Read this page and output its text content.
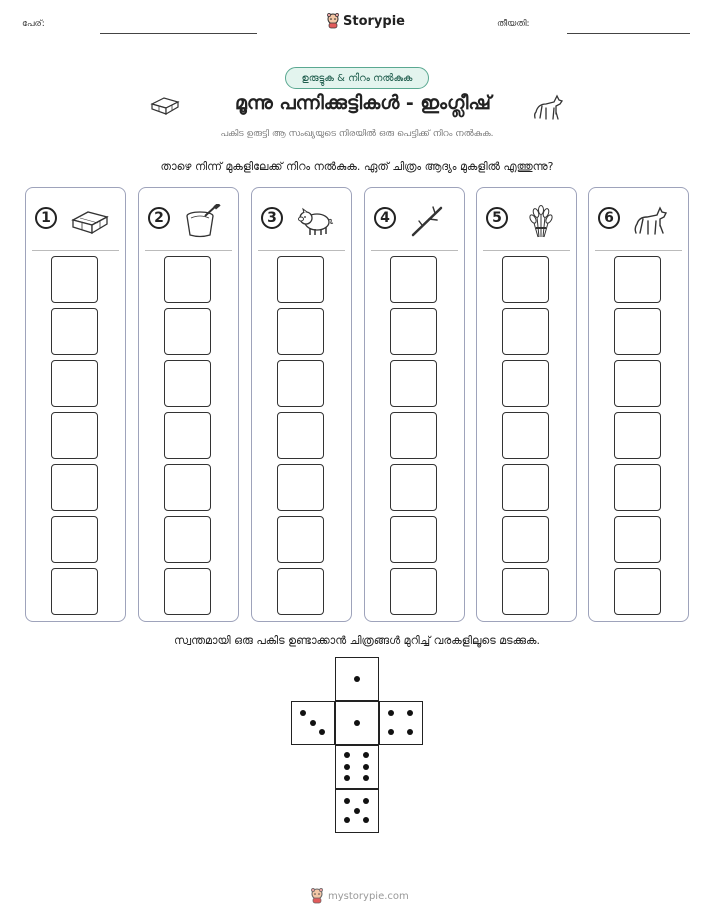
പേര്:	Storypie	തീയതി:
ഉരുട്ടുക & നിറം നൽകുക
മൂന്നു പന്നിക്കുട്ടികൾ - ഇംഗ്ലീഷ്
പകിട ഉരുട്ടി ആ സംഖ്യയുടെ നിരയിൽ ഒരു പെട്ടിക്ക് നിറം നൽകുക.
താഴെ നിന്ന് മുകളിലേക്ക് നിറം നൽകുക. ഏത് ചിത്രം ആദ്യം മുകളിൽ എത്തുന്നു?
1	2	3	4	5	6
സ്വന്തമായി ഒരു പകിട ഉണ്ടാക്കാൻ ചിത്രങ്ങൾ മുറിച്ച് വരകളിലൂടെ മടക്കുക.
mystorypie.com
